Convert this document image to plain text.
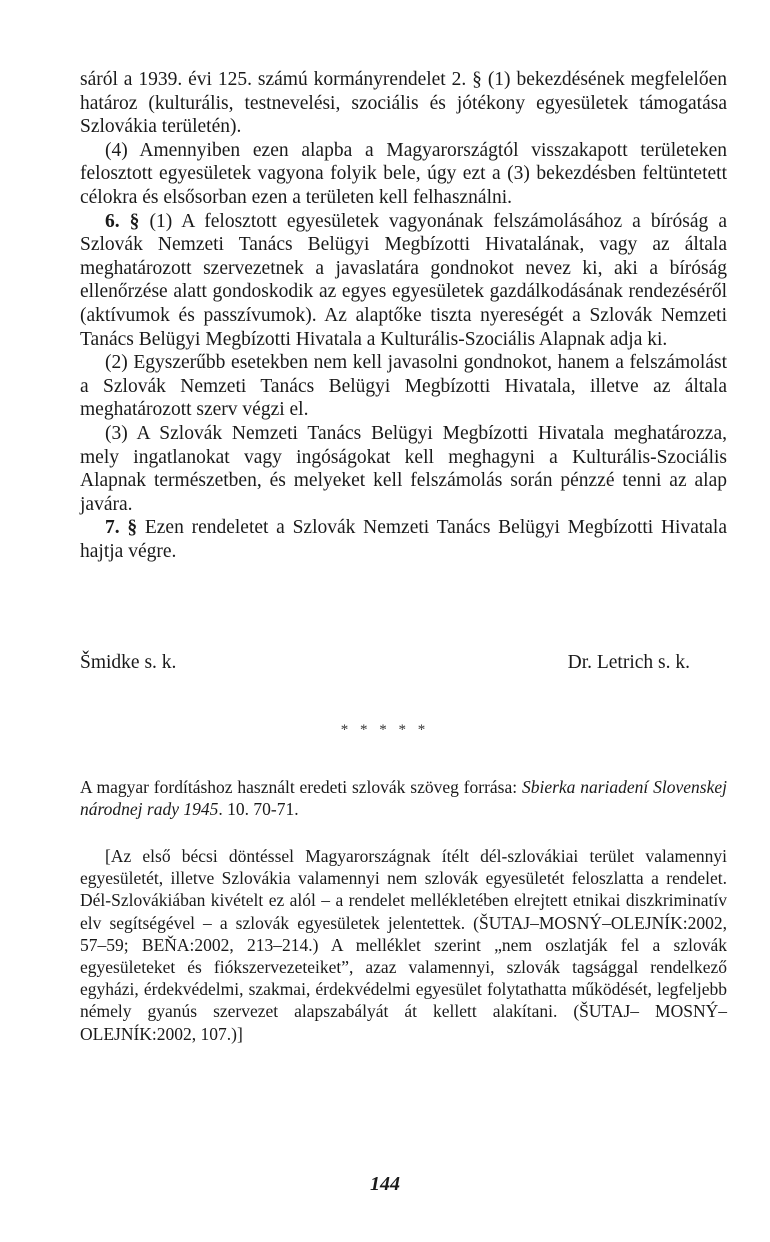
sáról a 1939. évi 125. számú kormányrendelet 2. § (1) bekezdésének megfelelően határoz (kulturális, testnevelési, szociális és jótékony egyesületek támogatása Szlovákia területén).

(4) Amennyiben ezen alapba a Magyarországtól visszakapott területeken felosztott egyesületek vagyona folyik bele, úgy ezt a (3) bekezdésben feltüntetett célokra és elsősorban ezen a területen kell felhasználni.

6. § (1) A felosztott egyesületek vagyonának felszámolásához a bíróság a Szlovák Nemzeti Tanács Belügyi Megbízotti Hivatalának, vagy az általa meghatározott szervezetnek a javaslatára gondnokot nevez ki, aki a bíróság ellenőrzése alatt gondoskodik az egyes egyesületek gazdálkodásának rendezéséről (aktívumok és passzívumok). Az alaptőke tiszta nyereségét a Szlovák Nemzeti Tanács Belügyi Megbízotti Hivatala a Kulturális-Szociális Alapnak adja ki.

(2) Egyszerűbb esetekben nem kell javasolni gondnokot, hanem a felszámolást a Szlovák Nemzeti Tanács Belügyi Megbízotti Hivatala, illetve az általa meghatározott szerv végzi el.

(3) A Szlovák Nemzeti Tanács Belügyi Megbízotti Hivatala meghatározza, mely ingatlanokat vagy ingóságokat kell meghagyni a Kulturális-Szociális Alapnak természetben, és melyeket kell felszámolás során pénzzé tenni az alap javára.

7. § Ezen rendeletet a Szlovák Nemzeti Tanács Belügyi Megbízotti Hivatala hajtja végre.

Šmidke s. k.	Dr. Letrich s. k.
* * * * *

A magyar fordításhoz használt eredeti szlovák szöveg forrása: Sbierka nariadení Slovenskej národnej rady 1945. 10. 70-71.

[Az első bécsi döntéssel Magyarországnak ítélt dél-szlovákiai terület valamennyi egyesületét, illetve Szlovákia valamennyi nem szlovák egyesületét feloszlatta a rendelet. Dél-Szlovákiában kivételt ez alól – a rendelet mellékletében elrejtett etnikai diszkriminatív elv segítségével – a szlovák egyesületek jelentettek. (ŠUTAJ–MOSNÝ–OLEJNÍK:2002, 57–59; BEŇA:2002, 213–214.) A melléklet szerint „nem oszlatják fel a szlovák egyesületeket és fiókszervezeteiket”, azaz valamennyi, szlovák tagsággal rendelkező egyházi, érdekvédelmi, szakmai, érdekvédelmi egyesület folytathatta működését, legfeljebb némely gyanús szervezet alapszabályát át kellett alakítani. (ŠUTAJ– MOSNÝ–OLEJNÍK:2002, 107.)]

144
